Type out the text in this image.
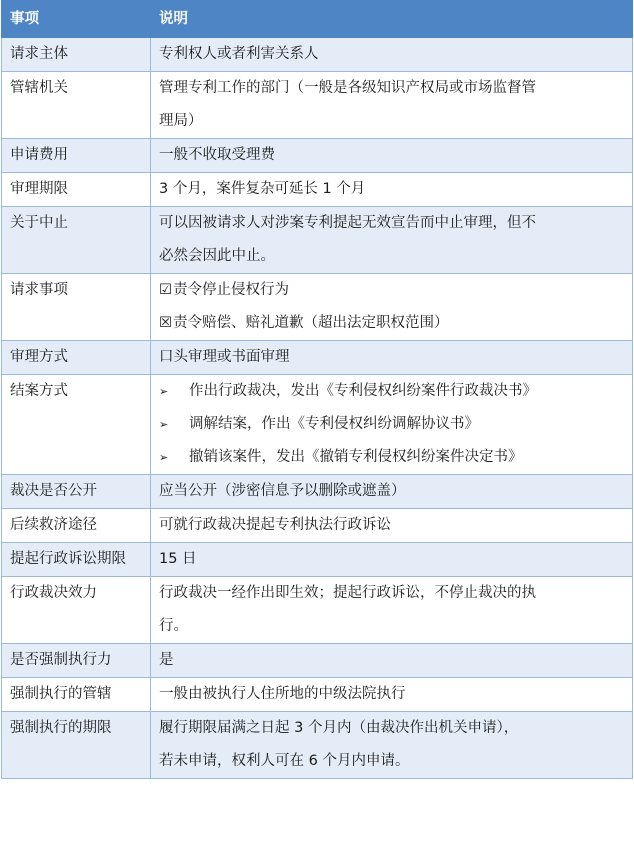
事项	说明
请求主体	专利权人或者利害关系人

管辖机关	管理专利工作的部门（一般是各级知识产权局或市场监督管
理局）

申请费用	一般不收取受理费

审理期限	3 个月，案件复杂可延长 1 个月

关于中止	可以因被请求人对涉案专利提起无效宣告而中止审理，但不
必然会因此中止。

请求事项	☑责令停止侵权行为
☒责令赔偿、赔礼道歉（超出法定职权范围）

审理方式	口头审理或书面审理

结案方式	➢ 作出行政裁决，发出《专利侵权纠纷案件行政裁决书》
➢ 调解结案，作出《专利侵权纠纷调解协议书》
➢ 撤销该案件，发出《撤销专利侵权纠纷案件决定书》

裁决是否公开	应当公开（涉密信息予以删除或遮盖）

后续救济途径	可就行政裁决提起专利执法行政诉讼

提起行政诉讼期限	15 日

行政裁决效力	行政裁决一经作出即生效；提起行政诉讼，不停止裁决的执
行。

是否强制执行力	是

强制执行的管辖	一般由被执行人住所地的中级法院执行

强制执行的期限	履行期限届满之日起 3 个月内（由裁决作出机关申请），
若未申请，权利人可在 6 个月内申请。
